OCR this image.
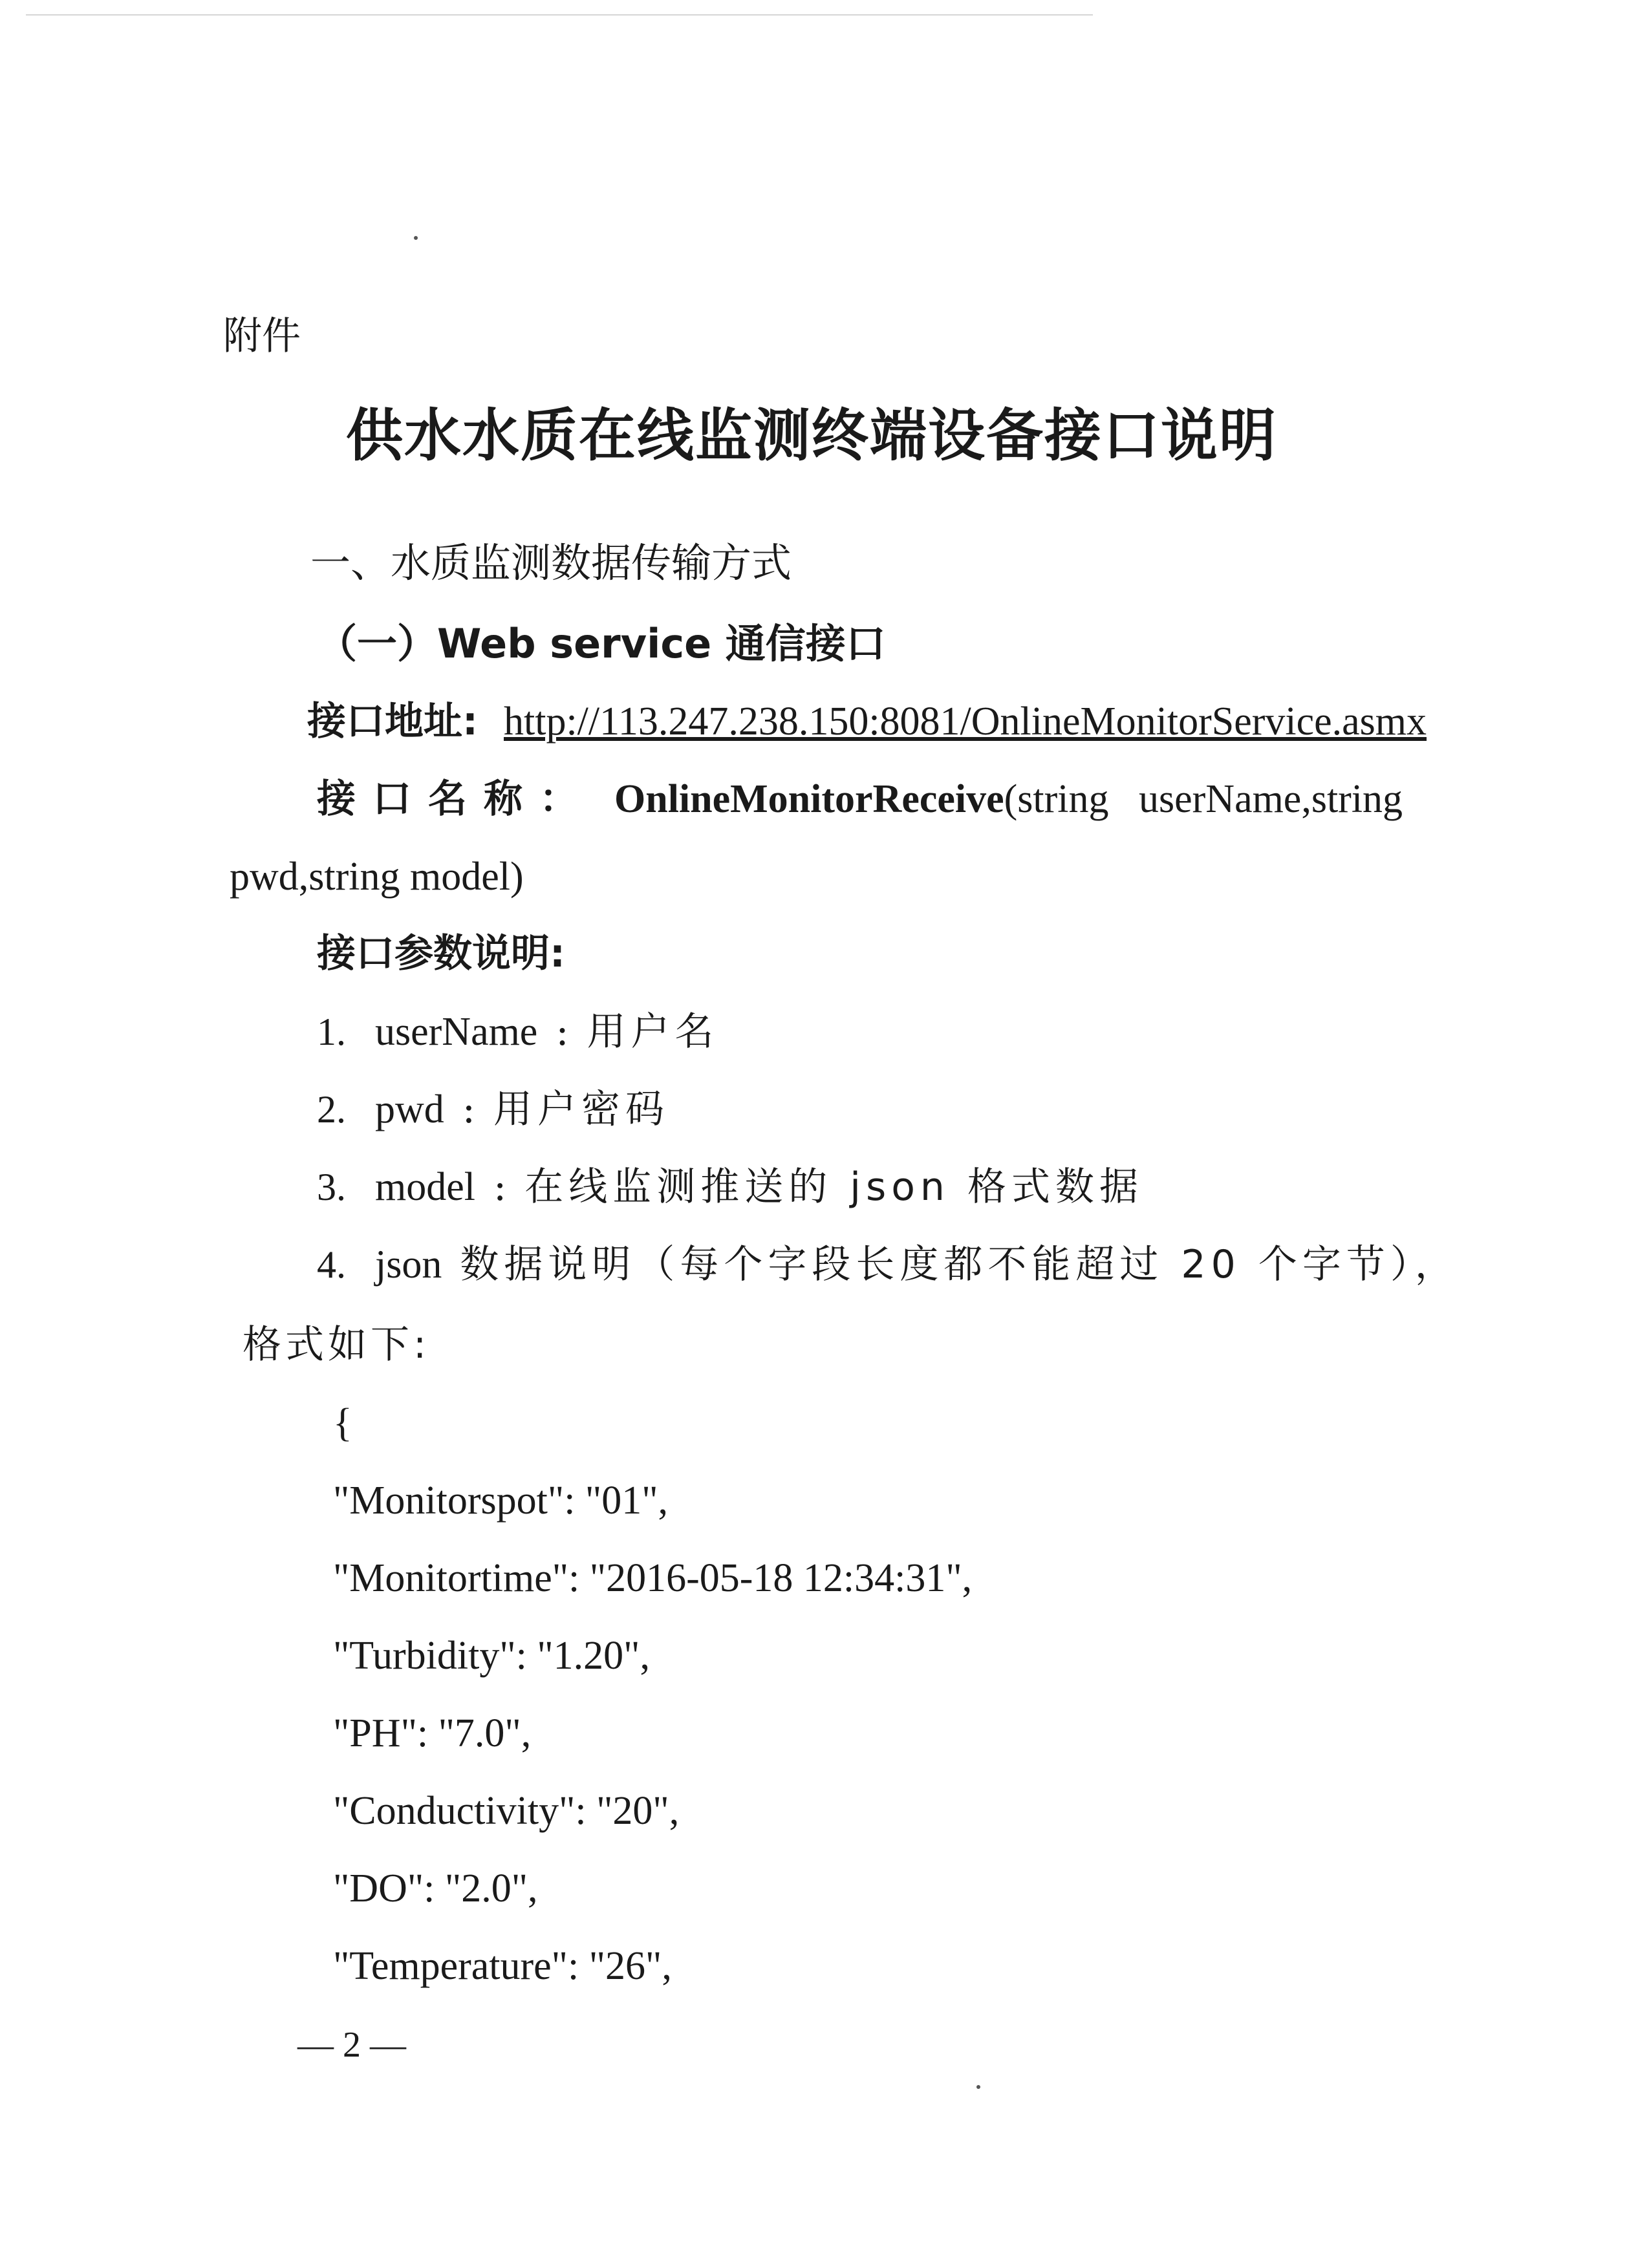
附件
供水水质在线监测终端设备接口说明
一、水质监测数据传输方式
（一）Web service 通信接口
接口地址: http://113.247.238.150:8081/OnlineMonitorService.asmx
接口名称： OnlineMonitorReceive(string   userName,string
pwd,string model)
接口参数说明:
1. userName : 用户名
2. pwd : 用户密码
3. model : 在线监测推送的 json 格式数据
4. json 数据说明（每个字段长度都不能超过 20 个字节），
格式如下:
{
"Monitorspot": "01",
"Monitortime": "2016-05-18 12:34:31",
"Turbidity": "1.20",
"PH": "7.0",
"Conductivity": "20",
"DO": "2.0",
"Temperature": "26",
— 2 —
